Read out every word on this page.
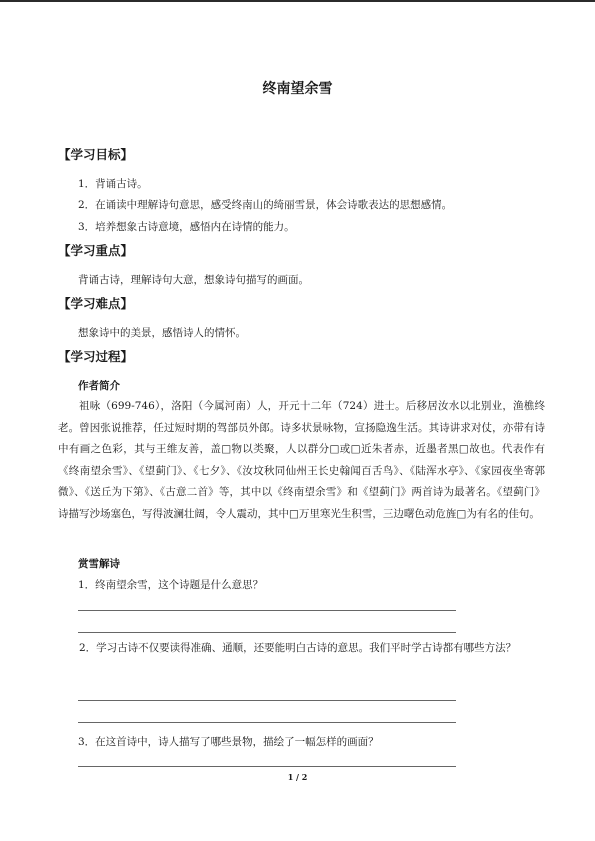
终南望余雪
【学习目标】
1．背诵古诗。
2．在诵读中理解诗句意思，感受终南山的绮丽雪景，体会诗歌表达的思想感情。
3．培养想象古诗意境，感悟内在诗情的能力。
【学习重点】
背诵古诗，理解诗句大意，想象诗句描写的画面。
【学习难点】
想象诗中的美景，感悟诗人的情怀。
【学习过程】
作者简介
祖咏（699-746），洛阳（今属河南）人，开元十二年（724）进士。后移居汝水以北别业，渔樵终老。曾因张说推荐，任过短时期的驾部员外郎。诗多状景咏物，宣扬隐逸生活。其诗讲求对仗，亦带有诗中有画之色彩，其与王维友善，盖□物以类聚，人以群分□或□近朱者赤，近墨者黑□故也。代表作有《终南望余雪》、《望蓟门》、《七夕》、《汝坟秋同仙州王长史翰闻百舌鸟》、《陆浑水亭》、《家园夜坐寄郭微》、《送丘为下第》、《古意二首》等，其中以《终南望余雪》和《望蓟门》两首诗为最著名。《望蓟门》诗描写沙场塞色，写得波澜壮阔，令人震动，其中□万里寒光生积雪，三边曙色动危旌□为有名的佳句。
赏雪解诗
1．终南望余雪，这个诗题是什么意思？
2．学习古诗不仅要读得准确、通顺，还要能明白古诗的意思。我们平时学古诗都有哪些方法？
3．在这首诗中，诗人描写了哪些景物，描绘了一幅怎样的画面？
1 / 2
